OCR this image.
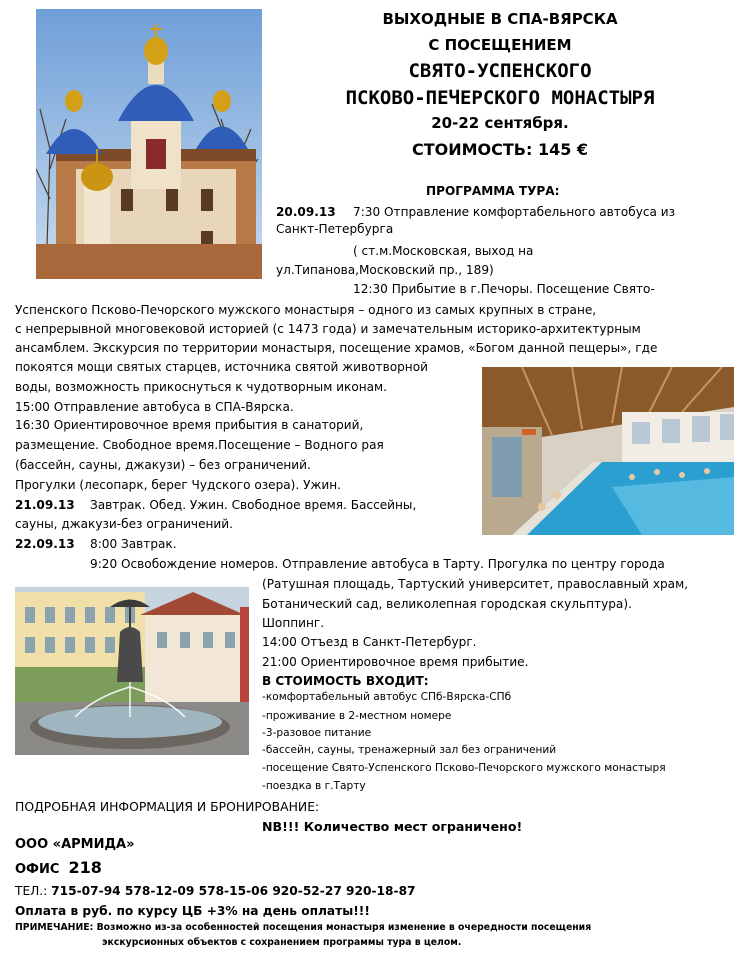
ВЫХОДНЫЕ В СПА-ВЯРСКА
С ПОСЕЩЕНИЕМ
СВЯТО-УСПЕНСКОГО
ПСКОВО-ПЕЧЕРСКОГО МОНАСТЫРЯ
20-22 сентября.
СТОИМОСТЬ: 145 €
ПРОГРАММА ТУРА:
20.09.13 7:30 Отправление комфортабельного автобуса из
Санкт-Петербурга
( ст.м.Московская, выход на
ул.Типанова,Московский пр., 189)
12:30 Прибытие в г.Печоры. Посещение Свято-
Успенского Псково-Печорского мужского монастыря – одного из самых крупных в стране,
с непрерывной многовековой историей (с 1473 года) и замечательным историко-архитектурным
ансамблем. Экскурсия по территории монастыря, посещение храмов, «Богом данной пещеры», где
покоятся мощи святых старцев, источника святой животворной
воды, возможность прикоснуться к чудотворным иконам.
15:00 Отправление автобуса в СПА-Вярска.
16:30 Ориентировочное время прибытия в санаторий,
размещение. Свободное время.Посещение – Водного рая
(бассейн, сауны, джакузи) – без ограничений.
Прогулки (лесопарк, берег Чудского озера). Ужин.
21.09.13 Завтрак. Обед. Ужин. Свободное время. Бассейны,
сауны, джакузи-без ограничений.
22.09.13 8:00 Завтрак.
9:20 Освобождение номеров. Отправление автобуса в Тарту. Прогулка по центру города
(Ратушная площадь, Тартуский университет, православный храм,
Ботанический сад, великолепная городская скульптура).
Шоппинг.
14:00 Отъезд в Санкт-Петербург.
21:00 Ориентировочное время прибытие.
В СТОИМОСТЬ ВХОДИТ:
-комфортабельный автобус СПб-Вярска-СПб
-проживание в 2-местном номере
-3-разовое питание
-бассейн, сауны, тренажерный зал без ограничений
-посещение Свято-Успенского Псково-Печорского мужского монастыря
-поездка в г.Тарту
ПОДРОБНАЯ ИНФОРМАЦИЯ И БРОНИРОВАНИЕ:
NB!!! Количество мест ограничено!
ООО «АРМИДА»
ОФИС 218
ТЕЛ.: 715-07-94 578-12-09 578-15-06 920-52-27 920-18-87
Оплата в руб. по курсу ЦБ +3% на день оплаты!!!
ПРИМЕЧАНИЕ: Возможно из-за особенностей посещения монастыря изменение в очередности посещения
экскурсионных объектов с сохранением программы тура в целом.
